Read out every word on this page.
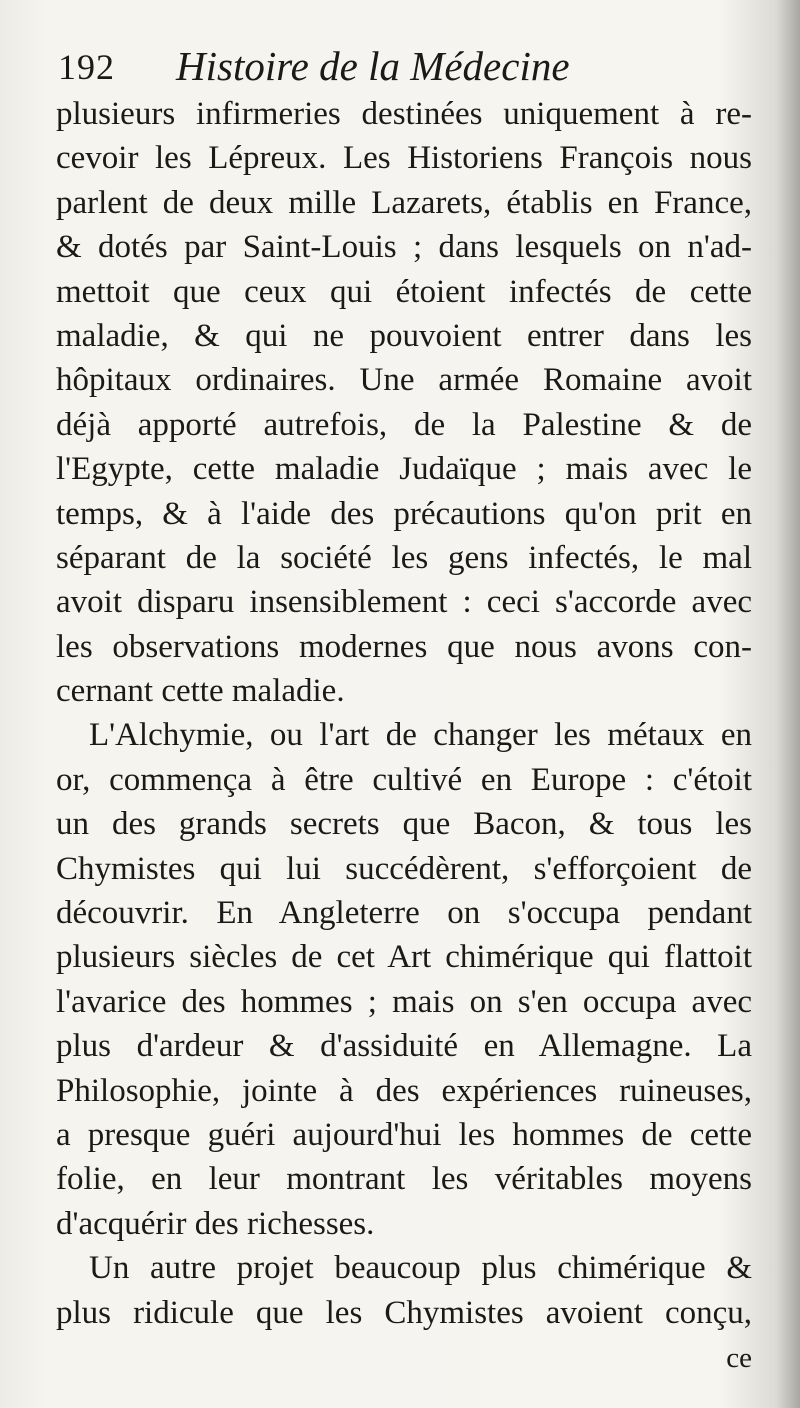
192 Histoire de la Médecine
plusieurs infirmeries destinées uniquement à re-
cevoir les Lépreux. Les Historiens François nous
parlent de deux mille Lazarets, établis en France,
& dotés par Saint-Louis ; dans lesquels on n'ad-
mettoit que ceux qui étoient infectés de cette
maladie, & qui ne pouvoient entrer dans les
hôpitaux ordinaires. Une armée Romaine avoit
déjà apporté autrefois, de la Palestine & de
l'Egypte, cette maladie Judaïque ; mais avec le
temps, & à l'aide des précautions qu'on prit en
séparant de la société les gens infectés, le mal
avoit disparu insensiblement : ceci s'accorde avec
les observations modernes que nous avons con-
cernant cette maladie.
L'Alchymie, ou l'art de changer les métaux en
or, commença à être cultivé en Europe : c'étoit
un des grands secrets que Bacon, & tous les
Chymistes qui lui succédèrent, s'efforçoient de
découvrir. En Angleterre on s'occupa pendant
plusieurs siècles de cet Art chimérique qui flattoit
l'avarice des hommes ; mais on s'en occupa avec
plus d'ardeur & d'assiduité en Allemagne. La
Philosophie, jointe à des expériences ruineuses,
a presque guéri aujourd'hui les hommes de cette
folie, en leur montrant les véritables moyens
d'acquérir des richesses.
Un autre projet beaucoup plus chimérique &
plus ridicule que les Chymistes avoient conçu,
ce
